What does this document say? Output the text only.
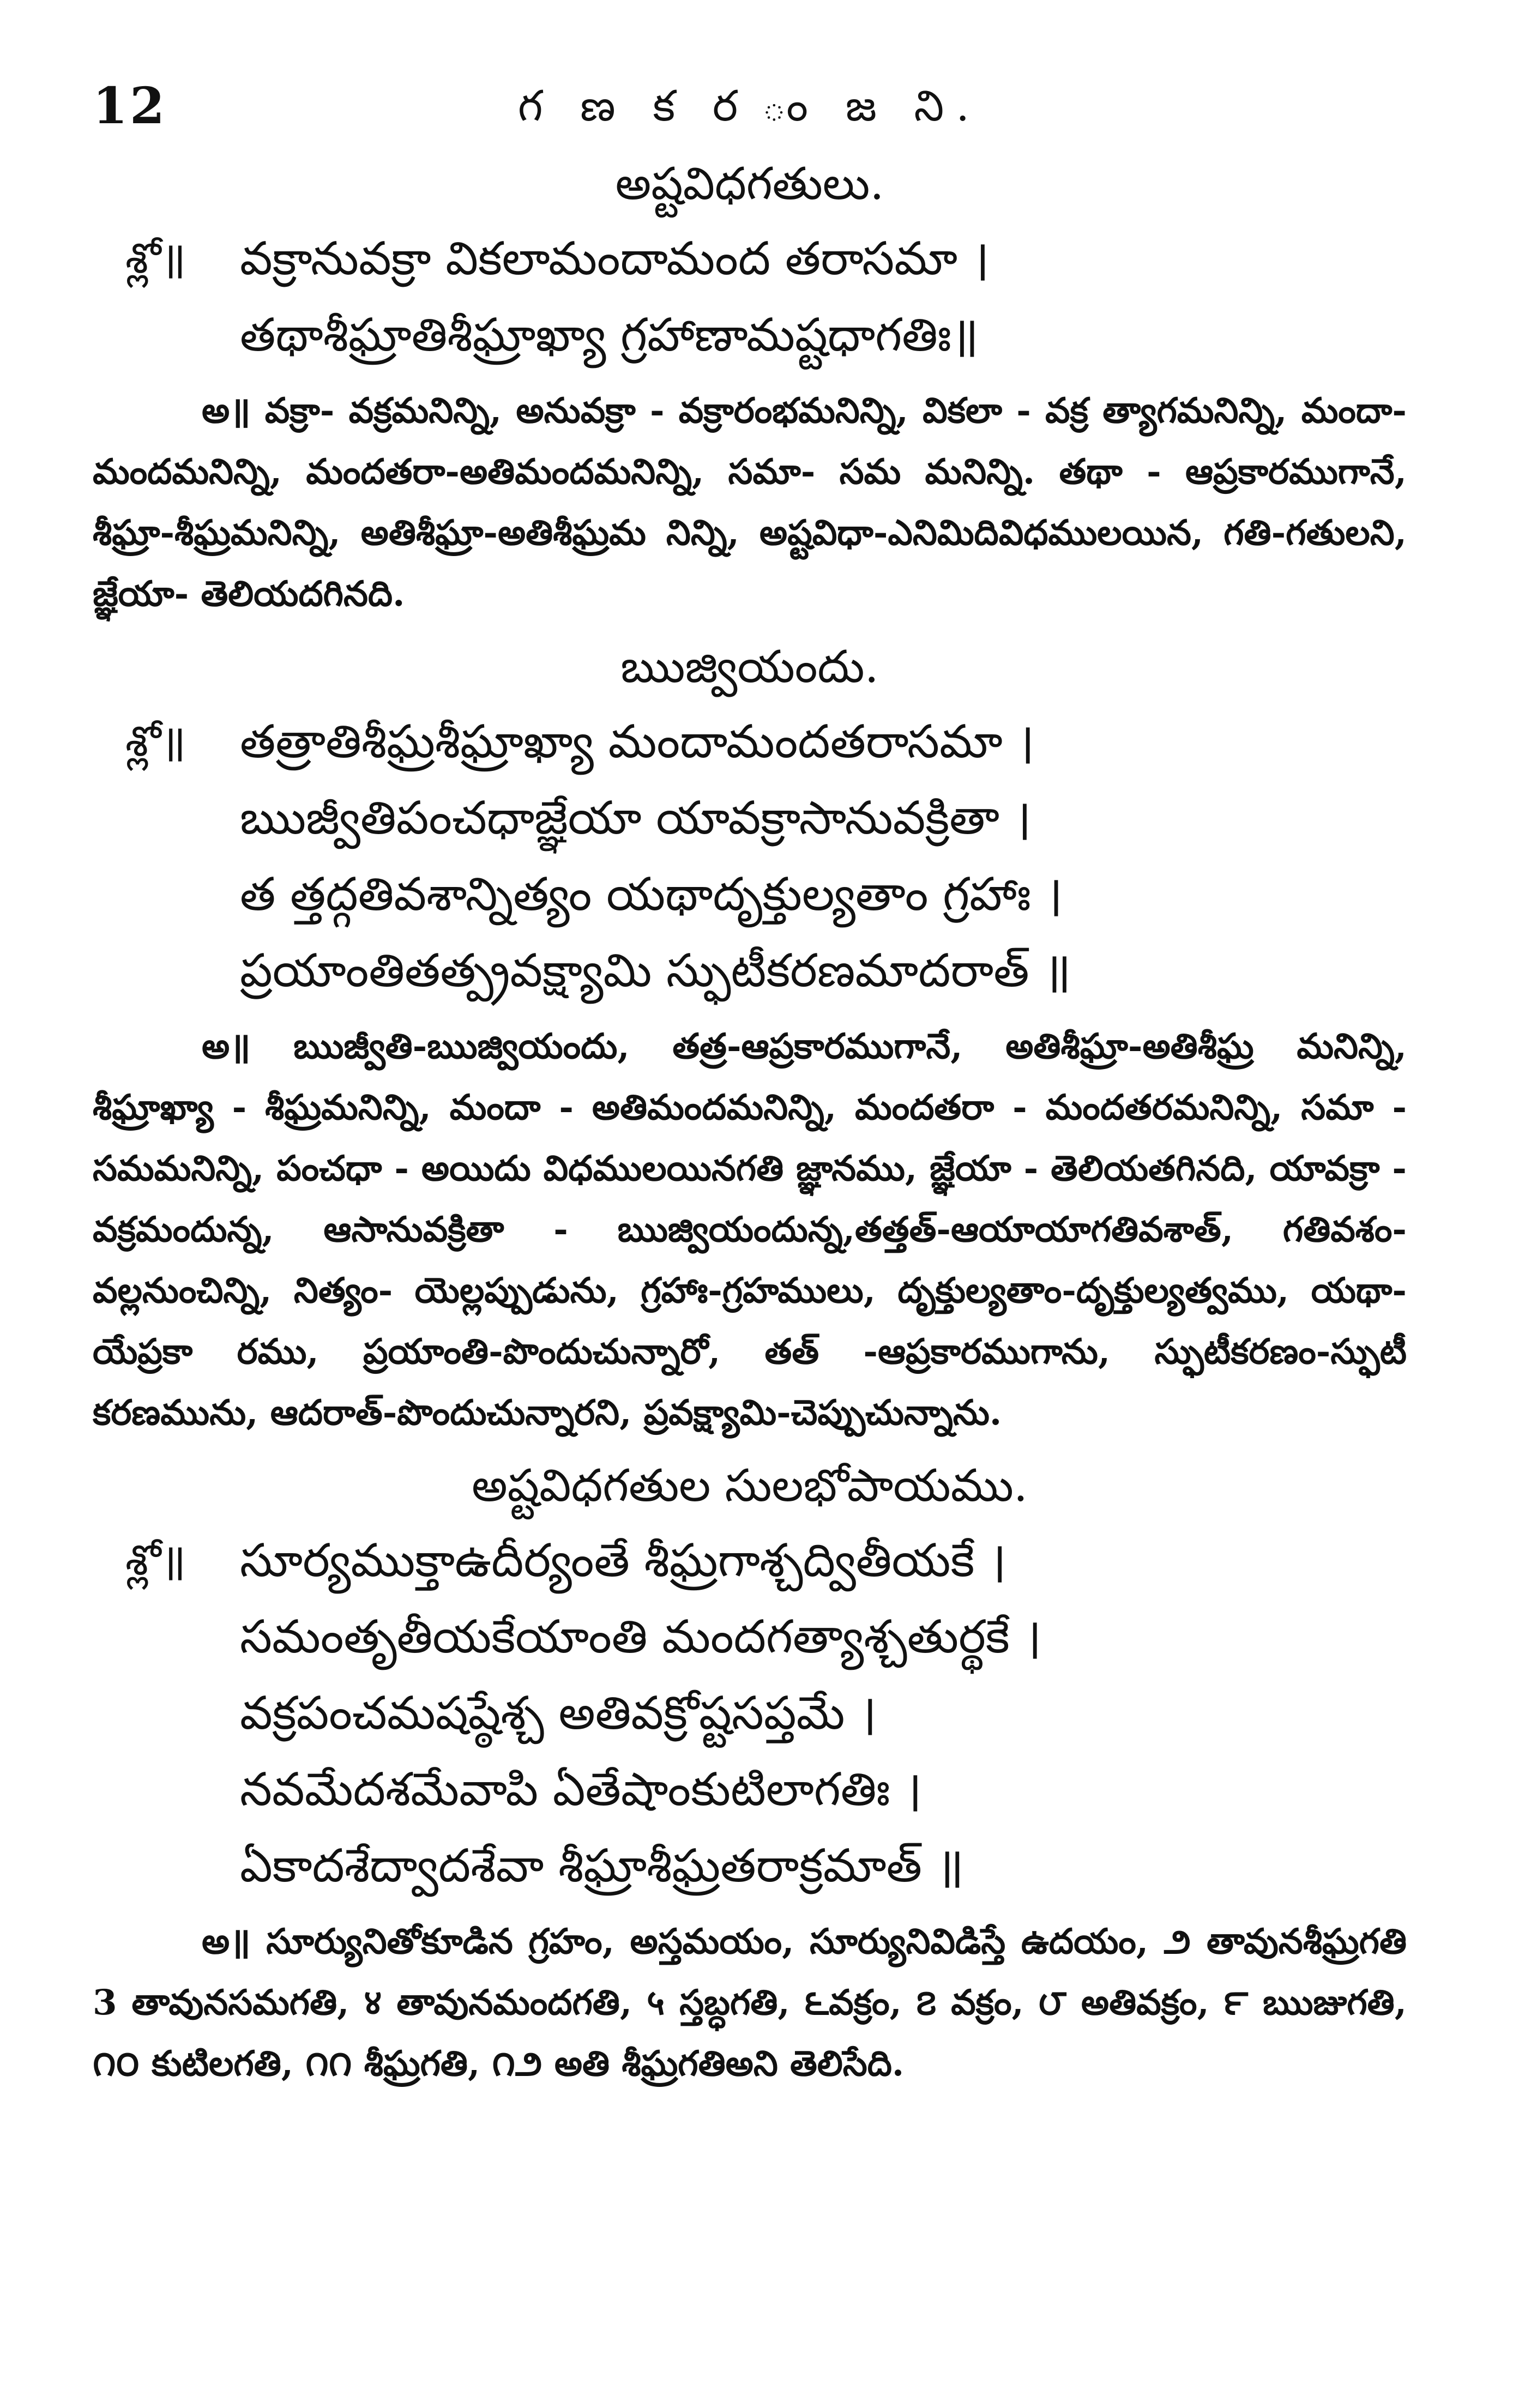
12	గ ణ క ర ం జ ని.
అష్టవిధగతులు.
శ్లో॥ వక్రానువక్రా వికలామందామంద తరాసమా ।
తథాశీఘ్రాతిశీఘ్రాఖ్యా గ్రహాణామష్టధాగతిః॥

అ॥ వక్రా- వక్రమనిన్ని, అనువక్రా - వక్రారంభమనిన్ని, వికలా - వక్ర త్యాగమనిన్ని, మందా-మందమనిన్ని, మందతరా-అతిమందమనిన్ని, సమా- సమ మనిన్ని. తథా - ఆప్రకారముగానే, శీఘ్రా-శీఘ్రమనిన్ని, అతిశీఘ్రా-అతిశీఘ్రమ నిన్ని, అష్టవిధా-ఎనిమిదివిధములయిన, గతి-గతులని, జ్ఞేయా- తెలియదగినది.

ఋజ్వియందు.
శ్లో॥ తత్రాతిశీఘ్రశీఘ్రాఖ్యా మందామందతరాసమా ।
ఋజ్వీతిపంచధాజ్ఞేయా యావక్రాసానువక్రితా ।
త త్తద్గతివశాన్నిత్యం యథాదృక్తుల్యతాం గ్రహాః ।
ప్రయాంతితత్ప్రవక్ష్యామి స్ఫుటీకరణమాదరాత్ ॥

అ॥ ఋజ్వీతి-ఋజ్వియందు, తత్ర-ఆప్రకారముగానే, అతిశీఘ్రా-అతిశీఘ్ర మనిన్ని, శీఘ్రాఖ్యా - శీఘ్రమనిన్ని, మందా - అతిమందమనిన్ని, మందతరా - మందతరమనిన్ని, సమా - సమమనిన్ని, పంచధా - అయిదు విధములయినగతి జ్ఞానము, జ్ఞేయా - తెలియతగినది, యావక్రా - వక్రమందున్న, ఆసానువక్రితా - ఋజ్వియందున్న,తత్తత్-ఆయాయాగతివశాత్, గతివశం-వల్లనుంచిన్ని, నిత్యం- యెల్లప్పుడును, గ్రహాః-గ్రహములు, దృక్తుల్యతాం-దృక్తుల్యత్వము, యథా-యేప్రకా రము, ప్రయాంతి-పొందుచున్నారో, తత్ -ఆప్రకారముగాను, స్ఫుటీకరణం-స్ఫుటీ కరణమును, ఆదరాత్-పొందుచున్నారని, ప్రవక్ష్యామి-చెప్పుచున్నాను.

అష్టవిధగతుల సులభోపాయము.
శ్లో॥ సూర్యముక్తాఉదీర్యంతే శీఘ్రగాశ్చద్వితీయకే ।
సమంతృతీయకేయాంతి మందగత్యాశ్చతుర్థకే ।
వక్రపంచమషష్ఠేశ్చ అతివక్రోష్టసప్తమే ।
నవమేదశమేవాపి ఏతేషాంకుటిలాగతిః ।
ఏకాదశేద్వాదశేవా శీఘ్రాశీఘ్రతరాక్రమాత్ ॥

అ॥ సూర్యునితోకూడిన గ్రహం, అస్తమయం, సూర్యునివిడిస్తే ఉదయం, ౨ తావునశీఘ్రగతి 3 తావునసమగతి, ४ తావునమందగతి, ५ స్తబ్ధగతి, ౬వక్రం, ౭ వక్రం, ౮ అతివక్రం, ౯ ఋజుగతి, ౧౦ కుటిలగతి, ౧౧ శీఘ్రగతి, ౧౨ అతి శీఘ్రగతిఅని తెలిసేది.
